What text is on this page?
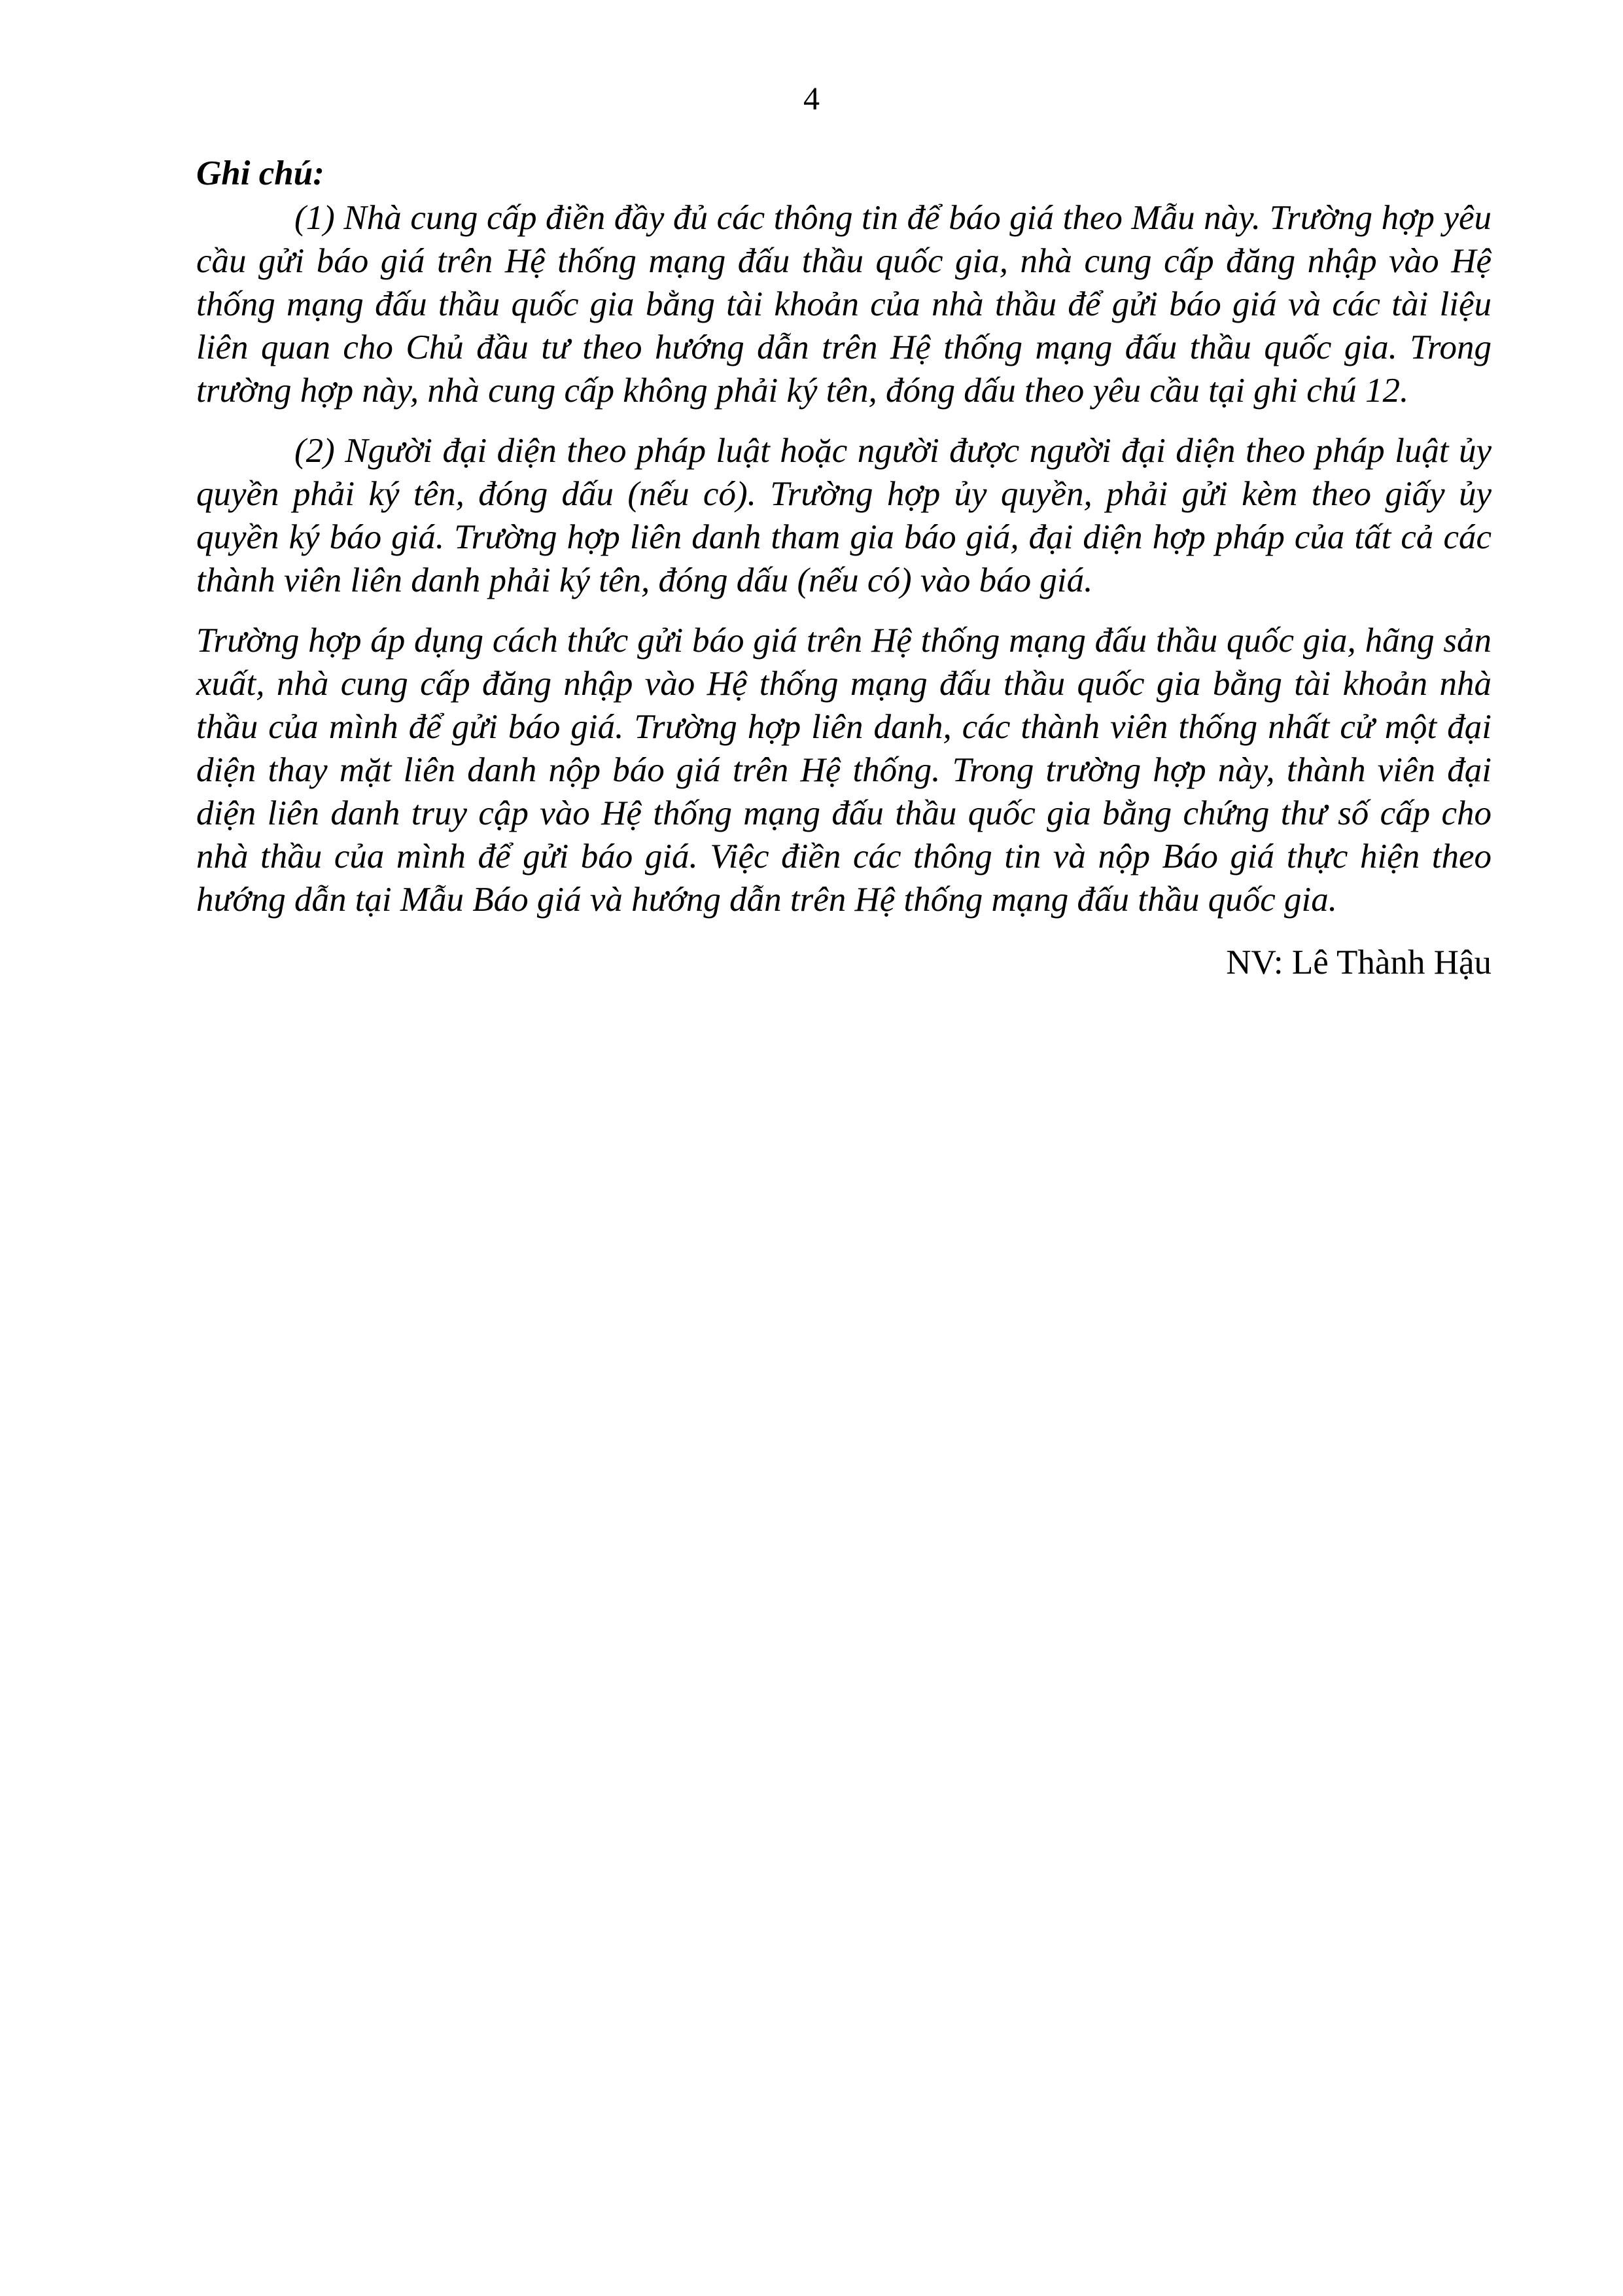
4

Ghi chú:

(1) Nhà cung cấp điền đầy đủ các thông tin để báo giá theo Mẫu này. Trường hợp yêu cầu gửi báo giá trên Hệ thống mạng đấu thầu quốc gia, nhà cung cấp đăng nhập vào Hệ thống mạng đấu thầu quốc gia bằng tài khoản của nhà thầu để gửi báo giá và các tài liệu liên quan cho Chủ đầu tư theo hướng dẫn trên Hệ thống mạng đấu thầu quốc gia. Trong trường hợp này, nhà cung cấp không phải ký tên, đóng dấu theo yêu cầu tại ghi chú 12.

(2) Người đại diện theo pháp luật hoặc người được người đại diện theo pháp luật ủy quyền phải ký tên, đóng dấu (nếu có). Trường hợp ủy quyền, phải gửi kèm theo giấy ủy quyền ký báo giá. Trường hợp liên danh tham gia báo giá, đại diện hợp pháp của tất cả các thành viên liên danh phải ký tên, đóng dấu (nếu có) vào báo giá.

Trường hợp áp dụng cách thức gửi báo giá trên Hệ thống mạng đấu thầu quốc gia, hãng sản xuất, nhà cung cấp đăng nhập vào Hệ thống mạng đấu thầu quốc gia bằng tài khoản nhà thầu của mình để gửi báo giá. Trường hợp liên danh, các thành viên thống nhất cử một đại diện thay mặt liên danh nộp báo giá trên Hệ thống. Trong trường hợp này, thành viên đại diện liên danh truy cập vào Hệ thống mạng đấu thầu quốc gia bằng chứng thư số cấp cho nhà thầu của mình để gửi báo giá. Việc điền các thông tin và nộp Báo giá thực hiện theo hướng dẫn tại Mẫu Báo giá và hướng dẫn trên Hệ thống mạng đấu thầu quốc gia.

NV: Lê Thành Hậu
